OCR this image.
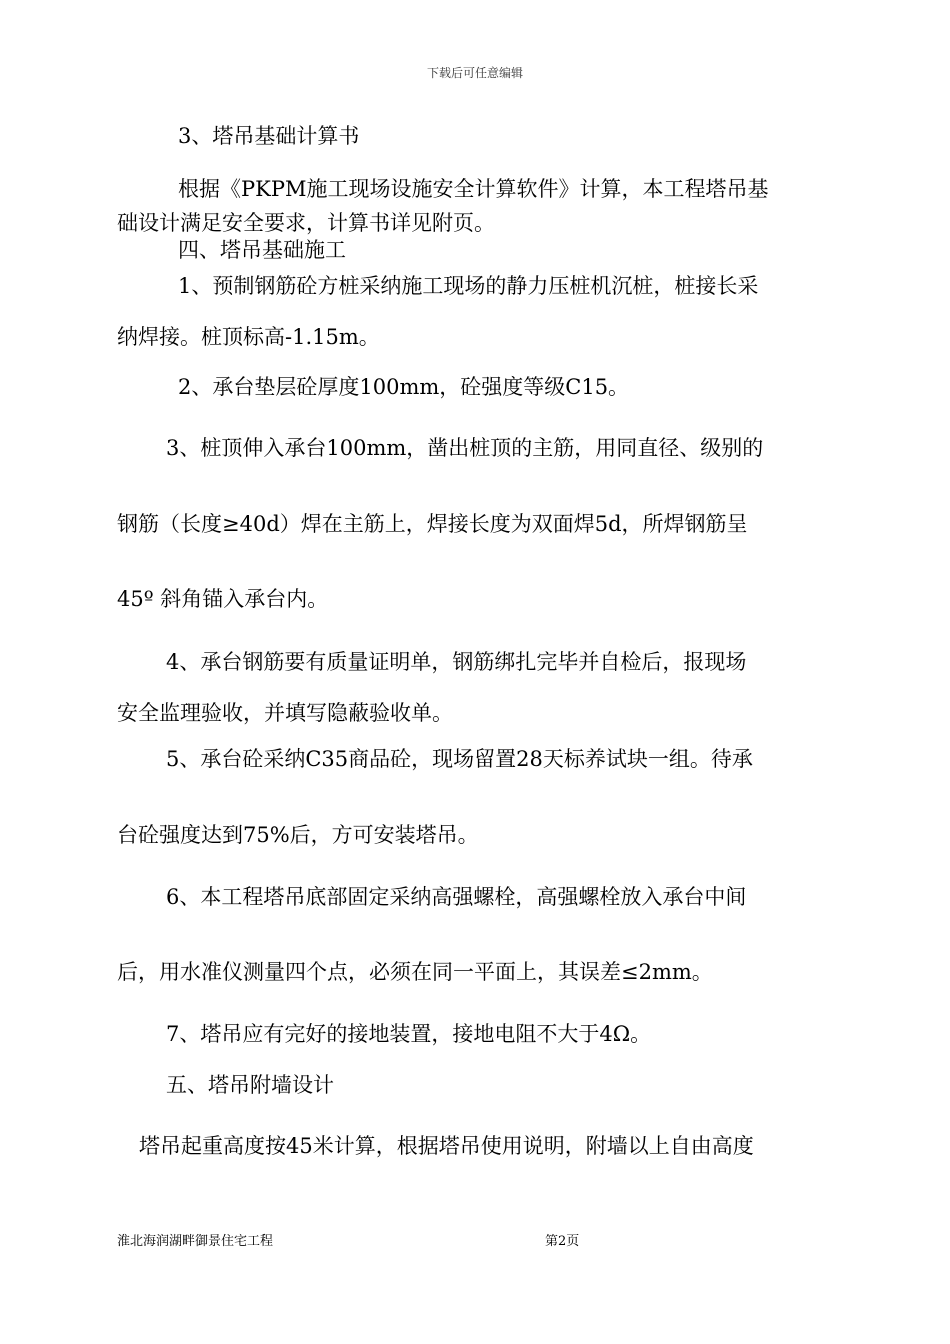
下载后可任意编辑
3、塔吊基础计算书
根据《PKPM施工现场设施安全计算软件》计算，本工程塔吊基
础设计满足安全要求，计算书详见附页。
四、塔吊基础施工
1、预制钢筋砼方桩采纳施工现场的静力压桩机沉桩，桩接长采
纳焊接。桩顶标高-1.15m。
2、承台垫层砼厚度100mm，砼强度等级C15。
3、桩顶伸入承台100mm，凿出桩顶的主筋，用同直径、级别的
钢筋（长度≥40d）焊在主筋上，焊接长度为双面焊5d，所焊钢筋呈
45º 斜角锚入承台内。
4、承台钢筋要有质量证明单，钢筋绑扎完毕并自检后，报现场
安全监理验收，并填写隐蔽验收单。
5、承台砼采纳C35商品砼，现场留置28天标养试块一组。待承
台砼强度达到75%后，方可安装塔吊。
6、本工程塔吊底部固定采纳高强螺栓，高强螺栓放入承台中间
后，用水准仪测量四个点，必须在同一平面上，其误差≤2mm。
7、塔吊应有完好的接地装置，接地电阻不大于4Ω。
五、塔吊附墙设计
塔吊起重高度按45米计算，根据塔吊使用说明，附墙以上自由高度
淮北海润湖畔御景住宅工程	第2页
